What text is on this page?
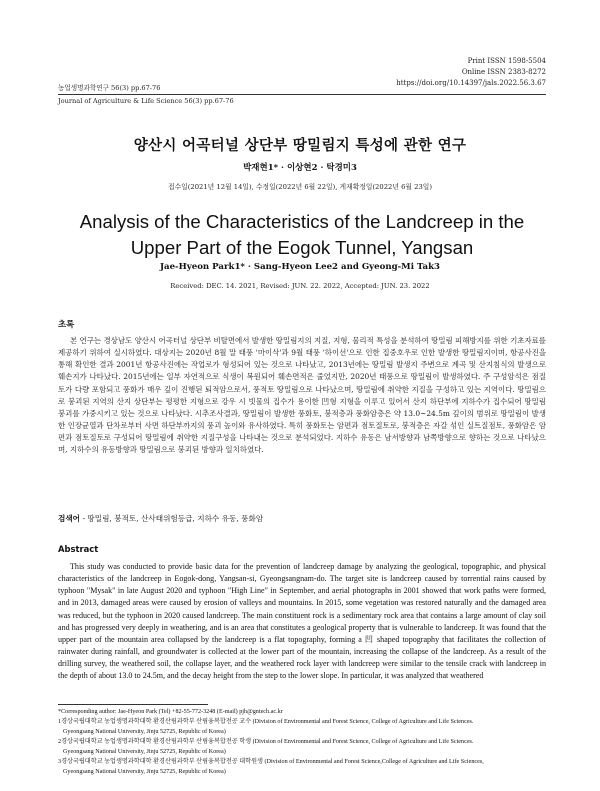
Print ISSN 1598-5504
Online ISSN 2383-8272
https://doi.org/10.14397/jals.2022.56.3.67
농업생명과학연구 56(3) pp.67-76
Journal of Agriculture & Life Science 56(3) pp.67-76
양산시 어곡터널 상단부 땅밀림지 특성에 관한 연구
박재현1* · 이상현2 · 탁경미3
접수일(2021년 12월 14일), 수정일(2022년 6월 22일), 게재확정일(2022년 6월 23일)
Analysis of the Characteristics of the Landcreep in the Upper Part of the Eogok Tunnel, Yangsan
Jae-Hyeon Park1* · Sang-Hyeon Lee2 and Gyeong-Mi Tak3
Received: DEC. 14. 2021, Revised: JUN. 22. 2022, Accepted: JUN. 23. 2022
초록

본 연구는 경상남도 양산시 어곡터널 상단부 비탈면에서 발생한 땅밀림지의 지질, 지형, 물리적 특성을 분석하여 땅밀림 피해방지를 위한 기초자료를 제공하기 위하여 실시하였다. 대상지는 2020년 8월 말 태풍 '마이삭'과 9월 태풍 '하이선'으로 인한 집중호우로 인한 발생한 땅밀림지이며, 항공사진을 통해 확인한 결과 2001년 항공사진에는 작업로가 형성되어 있는 것으로 나타났고, 2013년에는 땅밀림 발생지 주변으로 계곡 및 산지침식의 발생으로 훼손지가 나타났다. 2015년에는 일부 자연적으로 식생이 복원되어 훼손면적은 줄었지만, 2020년 태풍으로 땅밀림이 발생하였다. 주 구성암석은 점질토가 다량 포함되고 풍화가 매우 깊이 진행된 퇴적암으로서, 풍적토 땅밀림으로 나타났으며, 땅밀림에 취약한 지질을 구성하고 있는 지역이다. 땅밀림으로 붕괴된 지역의 산지 상단부는 평평한 지형으로 강우 시 빗물의 집수가 용이한 凹형 지형을 이루고 있어서 산지 하단부에 지하수가 집수되어 땅밀림 붕괴를 가중시키고 있는 것으로 나타났다. 시추조사결과, 땅밀림이 발생한 풍화토, 붕적층과 풍화암층은 약 13.0~24.5m 깊이의 범위로 땅밀림이 발생한 인장균열과 단차로부터 사면 하단부까지의 풍괴 높이와 유사하였다. 특히 풍화토는 암편과 점토질토로, 붕적층은 자갈 섞인 실트질점토, 풍화암은 암편과 점토질토로 구성되어 땅밀림에 취약한 지질구성을 나타내는 것으로 분석되었다. 지하수 유동은 남서방향과 남쪽방향으로 향하는 것으로 나타났으며, 지하수의 유동방향과 땅밀림으로 붕괴된 방향과 일치하였다.

검색어 - 땅밀림, 붕적토, 산사태위험등급, 지하수 유동, 풍화암
Abstract

This study was conducted to provide basic data for the prevention of landcreep damage by analyzing the geological, topographic, and physical characteristics of the landcreep in Eogok-dong, Yangsan-si, Gyeongsangnam-do. The target site is landcreep caused by torrential rains caused by typhoon "Mysak" in late August 2020 and typhoon "High Line" in September, and aerial photographs in 2001 showed that work paths were formed, and in 2013, damaged areas were caused by erosion of valleys and mountains. In 2015, some vegetation was restored naturally and the damaged area was reduced, but the typhoon in 2020 caused landcreep. The main constituent rock is a sedimentary rock area that contains a large amount of clay soil and has progressed very deeply in weathering, and is an area that constitutes a geological property that is vulnerable to landcreep. It was found that the upper part of the mountain area collapsed by the landcreep is a flat topography, forming a 凹 shaped topography that facilitates the collection of rainwater during rainfall, and groundwater is collected at the lower part of the mountain, increasing the collapse of the landcreep. As a result of the drilling survey, the weathered soil, the collapse layer, and the weathered rock layer with landcreep were similar to the tensile crack with landcreep in the depth of about 13.0 to 24.5m, and the decay height from the step to the lower slope. In particular, it was analyzed that weathered

*Corresponding author: Jae-Hyeon Park (Tel) +82-55-772-3248 (E-mail) pjh@gntech.ac.kr
1경상국립대학교 농업생명과학대학 환경산림과학부 산림융복합전공 교수 (Division of Environmental and Forest Science, College of Agriculture and Life Sciences.
Gyeongsang National University, Jinju 52725, Republic of Korea)
2경상국립대학교 농업생명과학대학 환경산림과학부 산림융복합전공 학생 (Division of Environmental and Forest Science, College of Agriculture and Life Sciences.
Gyeongsang National University, Jinju 52725, Republic of Korea)
3경상국립대학교 농업생명과학대학 환경산림과학부 산림융복합전공 대학원생 (Division of Environmental and Forest Science,College of Agriculture and Life Sciences,
Gyeongsang National University, Jinju 52725, Republic of Korea)
